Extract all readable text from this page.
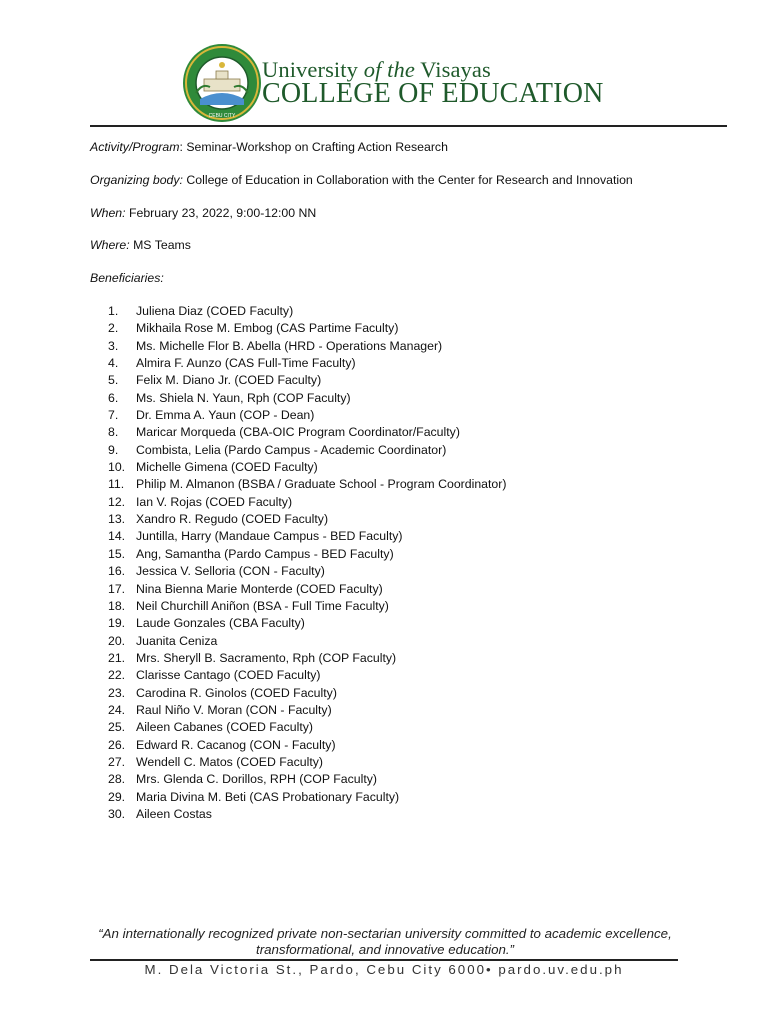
CEBU CITY
University of the Visayas
COLLEGE OF EDUCATION
Activity/Program: Seminar-Workshop on Crafting Action Research
Organizing body: College of Education in Collaboration with the Center for Research and Innovation
When: February 23, 2022, 9:00-12:00 NN
Where: MS Teams
Beneficiaries:
1. Juliena Diaz (COED Faculty)
2. Mikhaila Rose M. Embog (CAS Partime Faculty)
3. Ms. Michelle Flor B. Abella (HRD - Operations Manager)
4. Almira F. Aunzo (CAS Full-Time Faculty)
5. Felix M. Diano Jr. (COED Faculty)
6. Ms. Shiela N. Yaun, Rph (COP Faculty)
7. Dr. Emma A. Yaun (COP - Dean)
8. Maricar Morqueda (CBA-OIC Program Coordinator/Faculty)
9. Combista, Lelia (Pardo Campus - Academic Coordinator)
10. Michelle Gimena (COED Faculty)
11. Philip M. Almanon (BSBA / Graduate School - Program Coordinator)
12. Ian V. Rojas (COED Faculty)
13. Xandro R. Regudo (COED Faculty)
14. Juntilla, Harry (Mandaue Campus - BED Faculty)
15. Ang, Samantha (Pardo Campus - BED Faculty)
16. Jessica V. Selloria (CON - Faculty)
17. Nina Bienna Marie Monterde (COED Faculty)
18. Neil Churchill Aniñon (BSA - Full Time Faculty)
19. Laude Gonzales (CBA Faculty)
20. Juanita Ceniza
21. Mrs. Sheryll B. Sacramento, Rph (COP Faculty)
22. Clarisse Cantago (COED Faculty)
23. Carodina R. Ginolos (COED Faculty)
24. Raul Niño V. Moran (CON - Faculty)
25. Aileen Cabanes (COED Faculty)
26. Edward R. Cacanog (CON - Faculty)
27. Wendell C. Matos (COED Faculty)
28. Mrs. Glenda C. Dorillos, RPH (COP Faculty)
29. Maria Divina M. Beti (CAS Probationary Faculty)
30. Aileen Costas
“An internationally recognized private non-sectarian university committed to academic excellence, transformational, and innovative education.”
M. Dela Victoria St., Pardo, Cebu City 6000• pardo.uv.edu.ph
